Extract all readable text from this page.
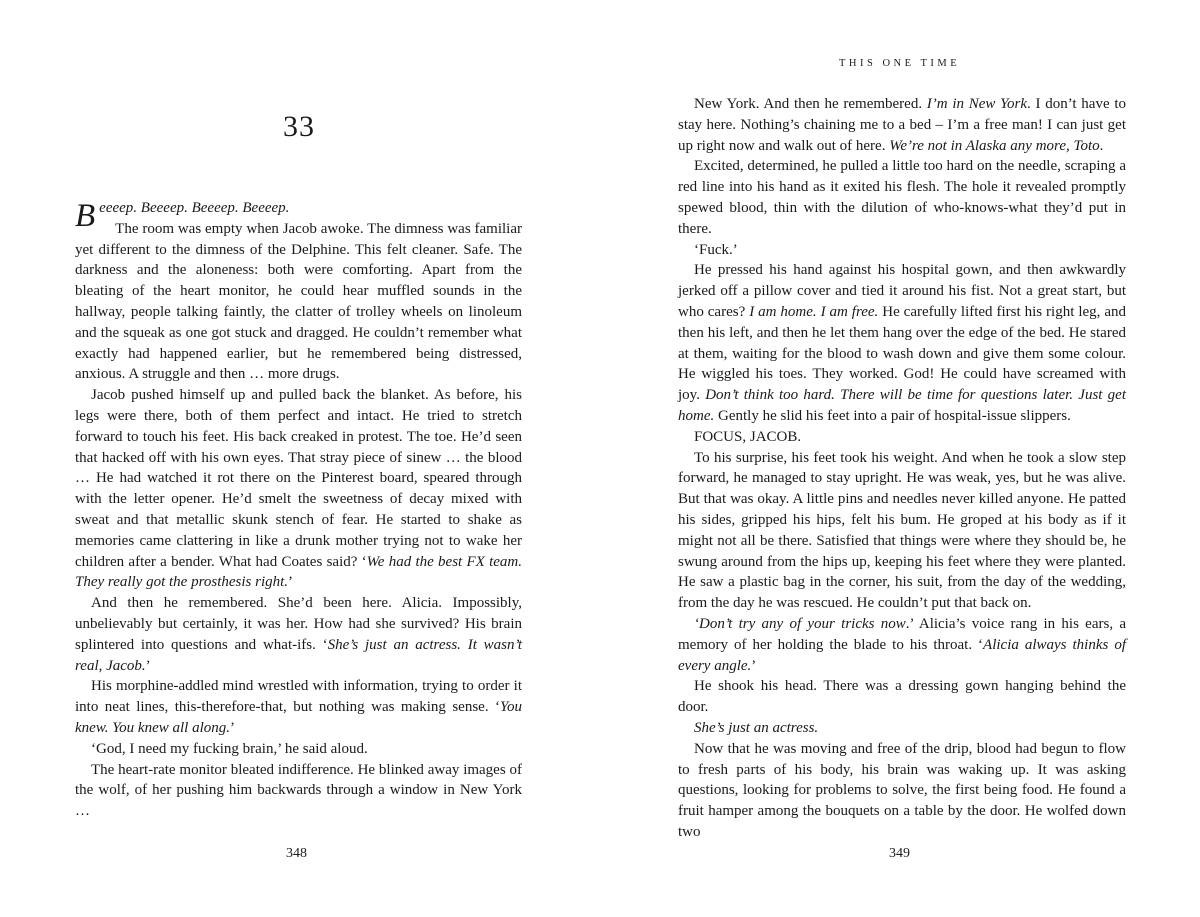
33

Beeeep. Beeeep. Beeeep. Beeeep.

The room was empty when Jacob awoke. The dimness was familiar yet different to the dimness of the Delphine. This felt cleaner. Safe. The darkness and the aloneness: both were comforting. Apart from the bleating of the heart monitor, he could hear muffled sounds in the hallway, people talking faintly, the clatter of trolley wheels on linoleum and the squeak as one got stuck and dragged. He couldn’t remember what exactly had happened earlier, but he remembered being distressed, anxious. A struggle and then … more drugs.

Jacob pushed himself up and pulled back the blanket. As before, his legs were there, both of them perfect and intact. He tried to stretch forward to touch his feet. His back creaked in protest. The toe. He’d seen that hacked off with his own eyes. That stray piece of sinew … the blood … He had watched it rot there on the Pinterest board, speared through with the letter opener. He’d smelt the sweetness of decay mixed with sweat and that metallic skunk stench of fear. He started to shake as memories came clattering in like a drunk mother trying not to wake her children after a bender. What had Coates said? ‘We had the best FX team. They really got the prosthesis right.’

And then he remembered. She’d been here. Alicia. Impossibly, unbelievably but certainly, it was her. How had she survived? His brain splintered into questions and what-ifs. ‘She’s just an actress. It wasn’t real, Jacob.’

His morphine-addled mind wrestled with information, trying to order it into neat lines, this-therefore-that, but nothing was making sense. ‘You knew. You knew all along.’

‘God, I need my fucking brain,’ he said aloud.

The heart-rate monitor bleated indifference. He blinked away images of the wolf, of her pushing him backwards through a window in New York …

348
THIS ONE TIME

New York. And then he remembered. I’m in New York. I don’t have to stay here. Nothing’s chaining me to a bed – I’m a free man! I can just get up right now and walk out of here. We’re not in Alaska any more, Toto.

Excited, determined, he pulled a little too hard on the needle, scraping a red line into his hand as it exited his flesh. The hole it revealed promptly spewed blood, thin with the dilution of who-knows-what they’d put in there.

‘Fuck.’

He pressed his hand against his hospital gown, and then awkwardly jerked off a pillow cover and tied it around his fist. Not a great start, but who cares? I am home. I am free. He carefully lifted first his right leg, and then his left, and then he let them hang over the edge of the bed. He stared at them, waiting for the blood to wash down and give them some colour. He wiggled his toes. They worked. God! He could have screamed with joy. Don’t think too hard. There will be time for questions later. Just get home. Gently he slid his feet into a pair of hospital-issue slippers.

FOCUS, JACOB.

To his surprise, his feet took his weight. And when he took a slow step forward, he managed to stay upright. He was weak, yes, but he was alive. But that was okay. A little pins and needles never killed anyone. He patted his sides, gripped his hips, felt his bum. He groped at his body as if it might not all be there. Satisfied that things were where they should be, he swung around from the hips up, keeping his feet where they were planted. He saw a plastic bag in the corner, his suit, from the day of the wedding, from the day he was rescued. He couldn’t put that back on.

‘Don’t try any of your tricks now.’ Alicia’s voice rang in his ears, a memory of her holding the blade to his throat. ‘Alicia always thinks of every angle.’

He shook his head. There was a dressing gown hanging behind the door.

She’s just an actress.

Now that he was moving and free of the drip, blood had begun to flow to fresh parts of his body, his brain was waking up. It was asking questions, looking for problems to solve, the first being food. He found a fruit hamper among the bouquets on a table by the door. He wolfed down two

349
